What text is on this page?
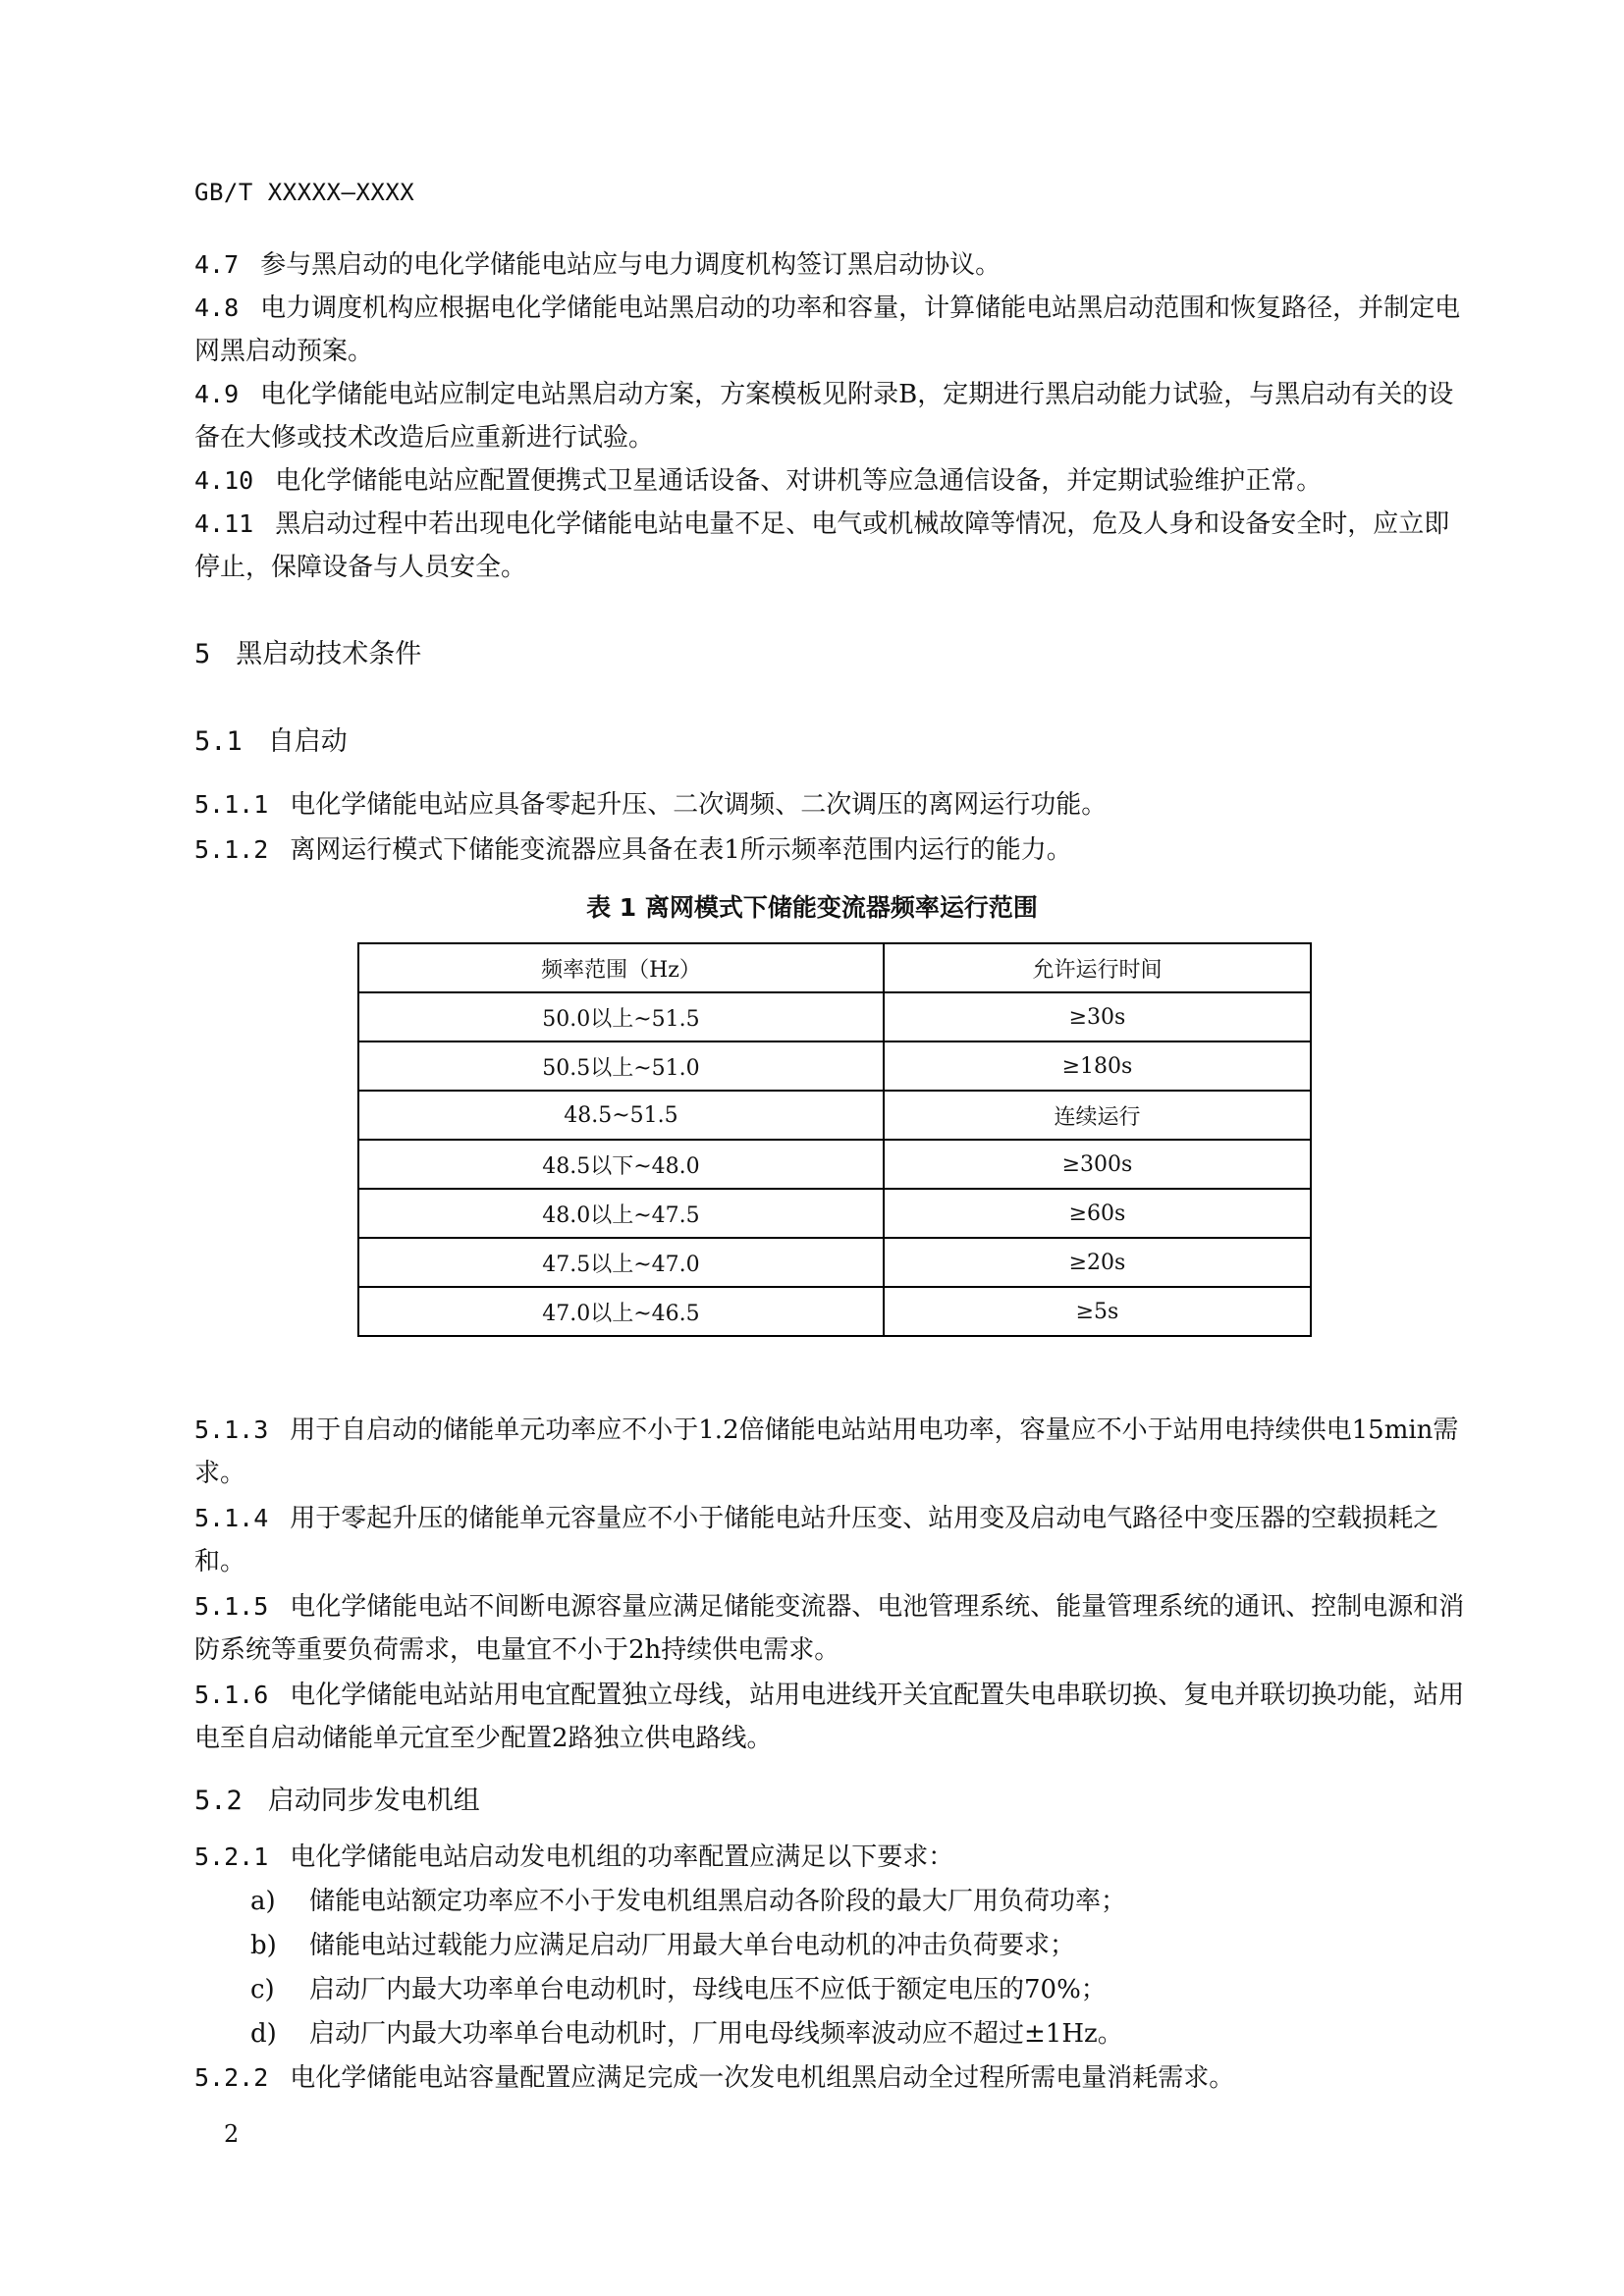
GB/T XXXXX—XXXX
4.7 参与黑启动的电化学储能电站应与电力调度机构签订黑启动协议。
4.8 电力调度机构应根据电化学储能电站黑启动的功率和容量，计算储能电站黑启动范围和恢复路径，并制定电网黑启动预案。
4.9 电化学储能电站应制定电站黑启动方案，方案模板见附录B，定期进行黑启动能力试验，与黑启动有关的设备在大修或技术改造后应重新进行试验。
4.10 电化学储能电站应配置便携式卫星通话设备、对讲机等应急通信设备，并定期试验维护正常。
4.11 黑启动过程中若出现电化学储能电站电量不足、电气或机械故障等情况，危及人身和设备安全时，应立即停止，保障设备与人员安全。
5 黑启动技术条件
5.1 自启动
5.1.1 电化学储能电站应具备零起升压、二次调频、二次调压的离网运行功能。
5.1.2 离网运行模式下储能变流器应具备在表1所示频率范围内运行的能力。
表 1 离网模式下储能变流器频率运行范围
频率范围（Hz）	允许运行时间
50.0以上~51.5	≥30s
50.5以上~51.0	≥180s
48.5~51.5	连续运行
48.5以下~48.0	≥300s
48.0以上~47.5	≥60s
47.5以上~47.0	≥20s
47.0以上~46.5	≥5s
5.1.3 用于自启动的储能单元功率应不小于1.2倍储能电站站用电功率，容量应不小于站用电持续供电15min需求。
5.1.4 用于零起升压的储能单元容量应不小于储能电站升压变、站用变及启动电气路径中变压器的空载损耗之和。
5.1.5 电化学储能电站不间断电源容量应满足储能变流器、电池管理系统、能量管理系统的通讯、控制电源和消防系统等重要负荷需求，电量宜不小于2h持续供电需求。
5.1.6 电化学储能电站站用电宜配置独立母线，站用电进线开关宜配置失电串联切换、复电并联切换功能，站用电至自启动储能单元宜至少配置2路独立供电路线。
5.2 启动同步发电机组
5.2.1 电化学储能电站启动发电机组的功率配置应满足以下要求：
a) 储能电站额定功率应不小于发电机组黑启动各阶段的最大厂用负荷功率；
b) 储能电站过载能力应满足启动厂用最大单台电动机的冲击负荷要求；
c) 启动厂内最大功率单台电动机时，母线电压不应低于额定电压的70%；
d) 启动厂内最大功率单台电动机时，厂用电母线频率波动应不超过±1Hz。
5.2.2 电化学储能电站容量配置应满足完成一次发电机组黑启动全过程所需电量消耗需求。
2
